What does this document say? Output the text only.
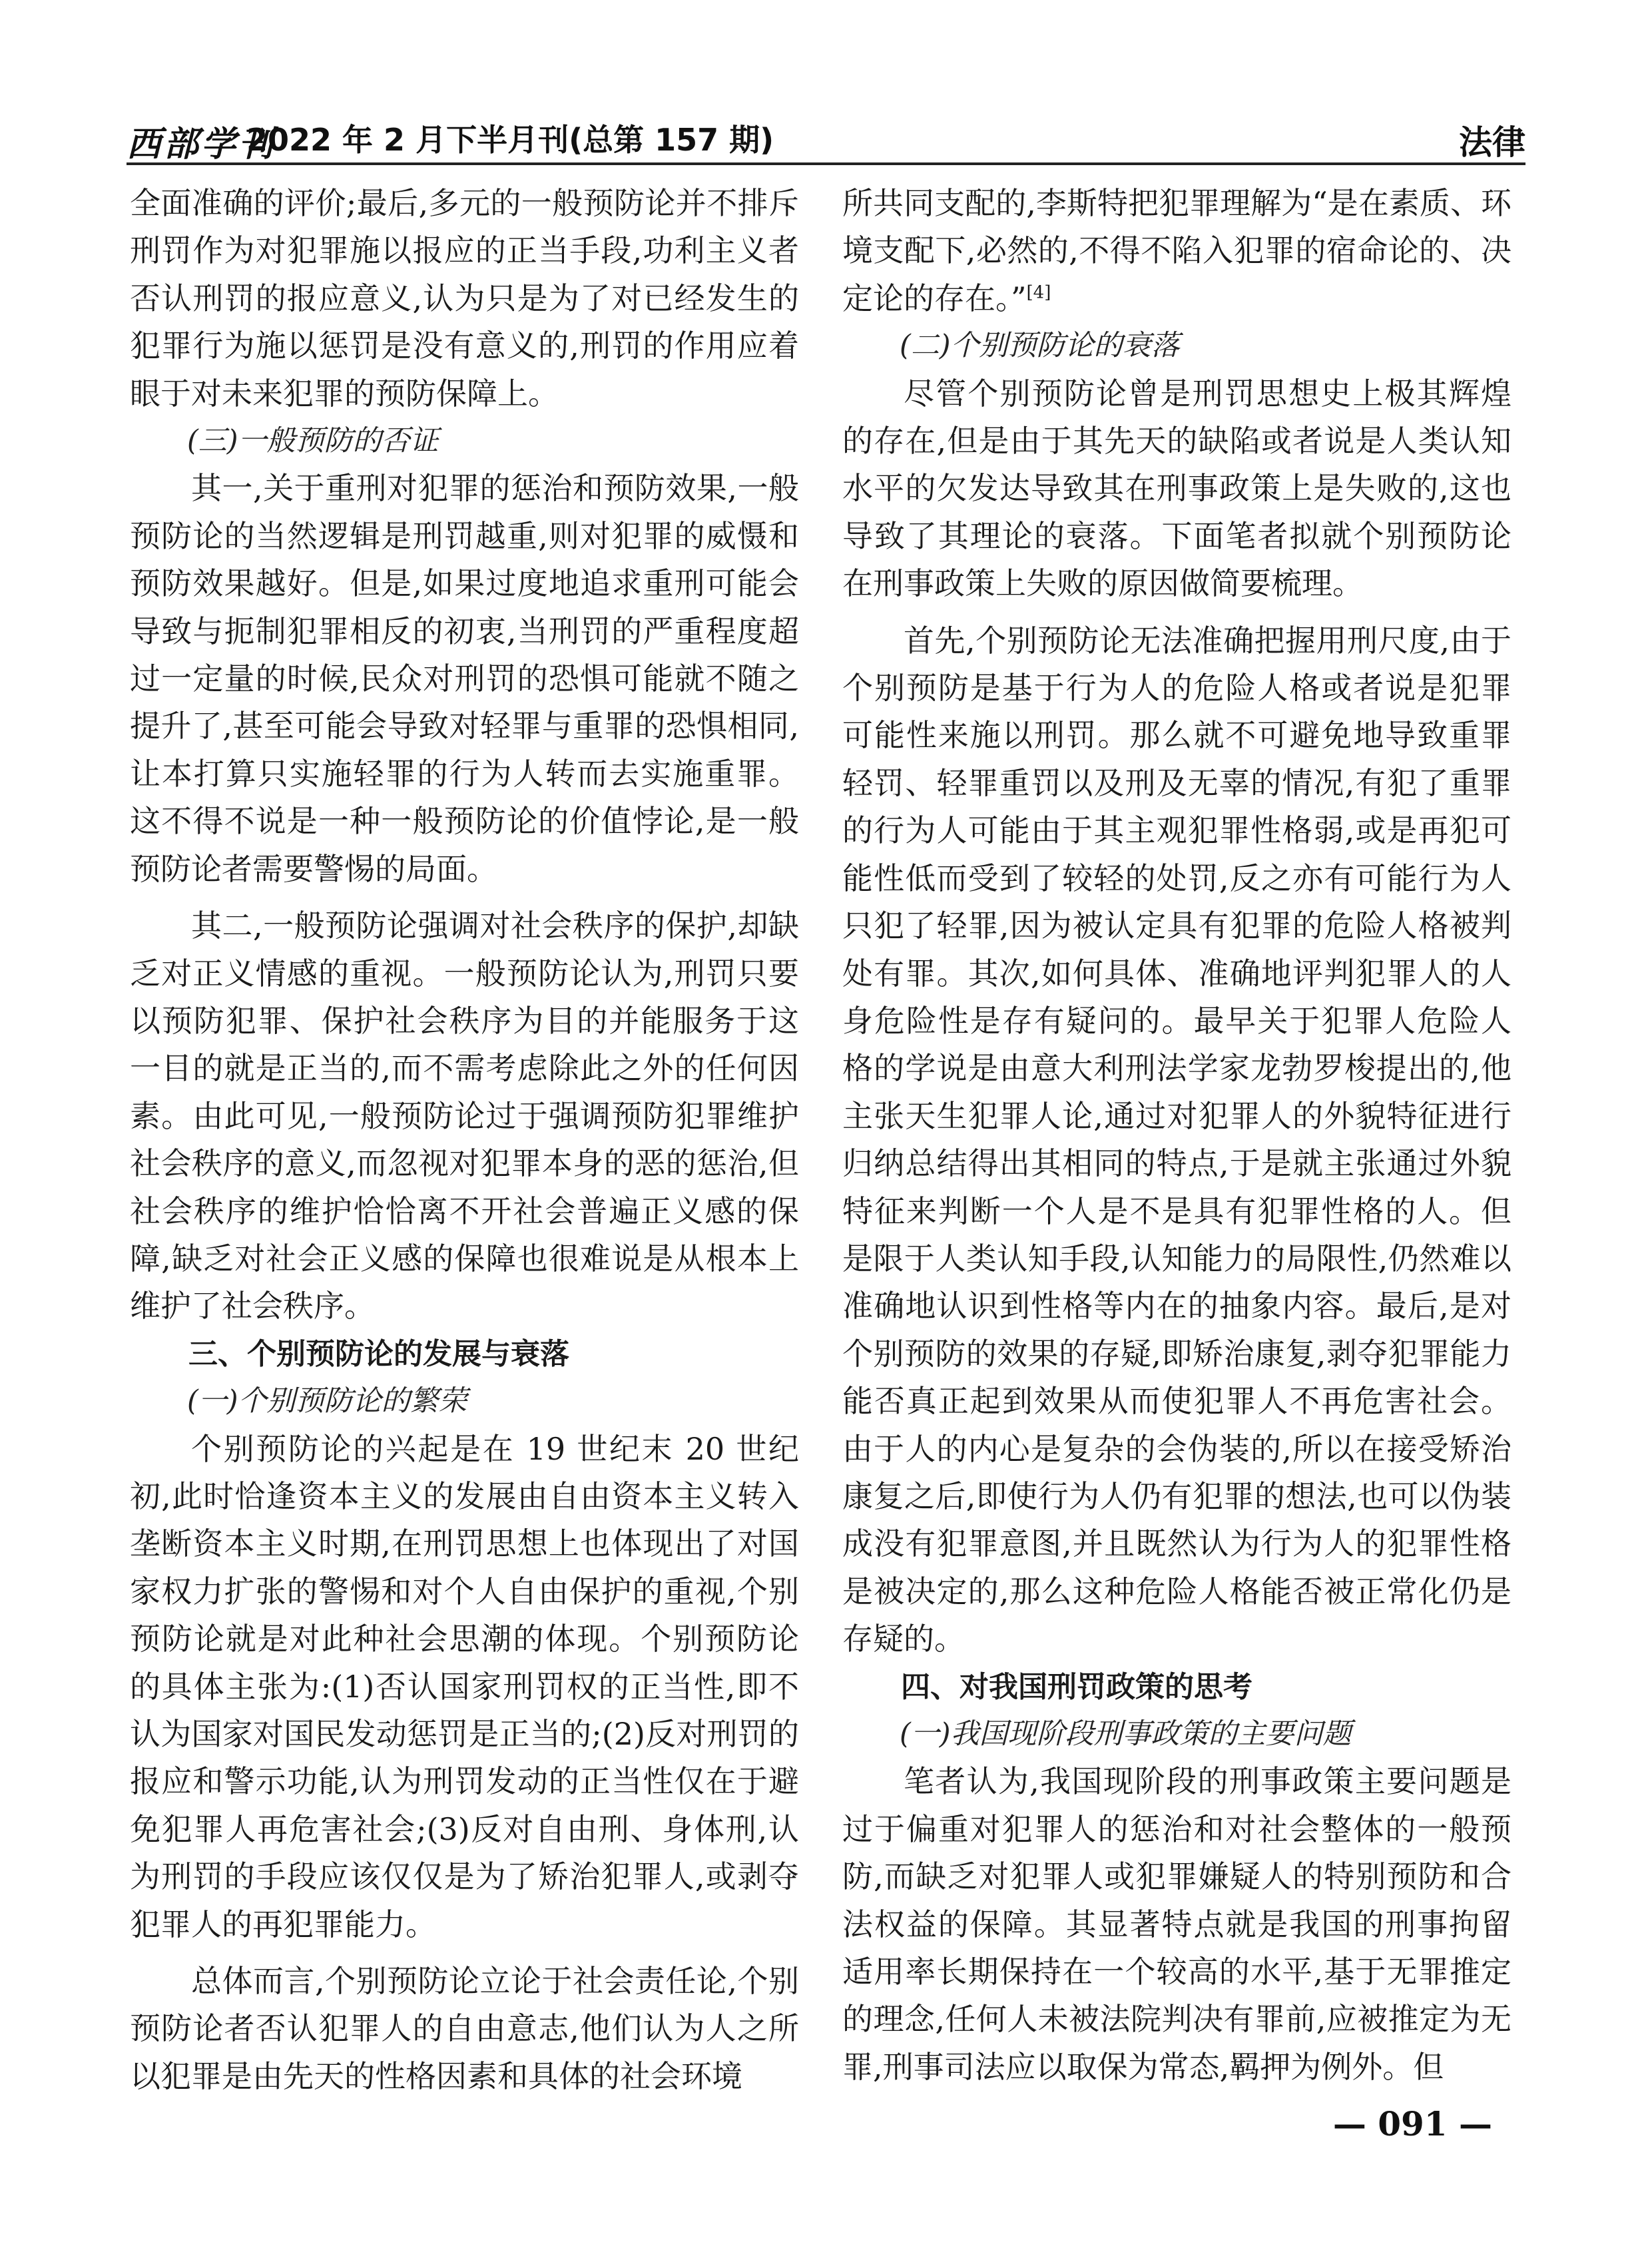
西部学刊
2022 年 2 月下半月刊(总第 157 期)	法律

全面准确的评价;最后,多元的一般预防论并不排斥刑罚作为对犯罪施以报应的正当手段,功利主义者否认刑罚的报应意义,认为只是为了对已经发生的犯罪行为施以惩罚是没有意义的,刑罚的作用应着眼于对未来犯罪的预防保障上。

(三)一般预防的否证

其一,关于重刑对犯罪的惩治和预防效果,一般预防论的当然逻辑是刑罚越重,则对犯罪的威慑和预防效果越好。但是,如果过度地追求重刑可能会导致与扼制犯罪相反的初衷,当刑罚的严重程度超过一定量的时候,民众对刑罚的恐惧可能就不随之提升了,甚至可能会导致对轻罪与重罪的恐惧相同,让本打算只实施轻罪的行为人转而去实施重罪。这不得不说是一种一般预防论的价值悖论,是一般预防论者需要警惕的局面。

其二,一般预防论强调对社会秩序的保护,却缺乏对正义情感的重视。一般预防论认为,刑罚只要以预防犯罪、保护社会秩序为目的并能服务于这一目的就是正当的,而不需考虑除此之外的任何因素。由此可见,一般预防论过于强调预防犯罪维护社会秩序的意义,而忽视对犯罪本身的恶的惩治,但社会秩序的维护恰恰离不开社会普遍正义感的保障,缺乏对社会正义感的保障也很难说是从根本上维护了社会秩序。

三、个别预防论的发展与衰落
(一)个别预防论的繁荣

个别预防论的兴起是在 19 世纪末 20 世纪初,此时恰逢资本主义的发展由自由资本主义转入垄断资本主义时期,在刑罚思想上也体现出了对国家权力扩张的警惕和对个人自由保护的重视,个别预防论就是对此种社会思潮的体现。个别预防论的具体主张为:(1)否认国家刑罚权的正当性,即不认为国家对国民发动惩罚是正当的;(2)反对刑罚的报应和警示功能,认为刑罚发动的正当性仅在于避免犯罪人再危害社会;(3)反对自由刑、身体刑,认为刑罚的手段应该仅仅是为了矫治犯罪人,或剥夺犯罪人的再犯罪能力。

总体而言,个别预防论立论于社会责任论,个别预防论者否认犯罪人的自由意志,他们认为人之所以犯罪是由先天的性格因素和具体的社会环境

所共同支配的,李斯特把犯罪理解为“是在素质、环境支配下,必然的,不得不陷入犯罪的宿命论的、决定论的存在。”[4]

(二)个别预防论的衰落

尽管个别预防论曾是刑罚思想史上极其辉煌的存在,但是由于其先天的缺陷或者说是人类认知水平的欠发达导致其在刑事政策上是失败的,这也导致了其理论的衰落。下面笔者拟就个别预防论在刑事政策上失败的原因做简要梳理。

首先,个别预防论无法准确把握用刑尺度,由于个别预防是基于行为人的危险人格或者说是犯罪可能性来施以刑罚。那么就不可避免地导致重罪轻罚、轻罪重罚以及刑及无辜的情况,有犯了重罪的行为人可能由于其主观犯罪性格弱,或是再犯可能性低而受到了较轻的处罚,反之亦有可能行为人只犯了轻罪,因为被认定具有犯罪的危险人格被判处有罪。其次,如何具体、准确地评判犯罪人的人身危险性是存有疑问的。最早关于犯罪人危险人格的学说是由意大利刑法学家龙勃罗梭提出的,他主张天生犯罪人论,通过对犯罪人的外貌特征进行归纳总结得出其相同的特点,于是就主张通过外貌特征来判断一个人是不是具有犯罪性格的人。但是限于人类认知手段,认知能力的局限性,仍然难以准确地认识到性格等内在的抽象内容。最后,是对个别预防的效果的存疑,即矫治康复,剥夺犯罪能力能否真正起到效果从而使犯罪人不再危害社会。由于人的内心是复杂的会伪装的,所以在接受矫治康复之后,即使行为人仍有犯罪的想法,也可以伪装成没有犯罪意图,并且既然认为行为人的犯罪性格是被决定的,那么这种危险人格能否被正常化仍是存疑的。

四、对我国刑罚政策的思考
(一)我国现阶段刑事政策的主要问题

笔者认为,我国现阶段的刑事政策主要问题是过于偏重对犯罪人的惩治和对社会整体的一般预防,而缺乏对犯罪人或犯罪嫌疑人的特别预防和合法权益的保障。其显著特点就是我国的刑事拘留适用率长期保持在一个较高的水平,基于无罪推定的理念,任何人未被法院判决有罪前,应被推定为无罪,刑事司法应以取保为常态,羁押为例外。但

— 091 —
